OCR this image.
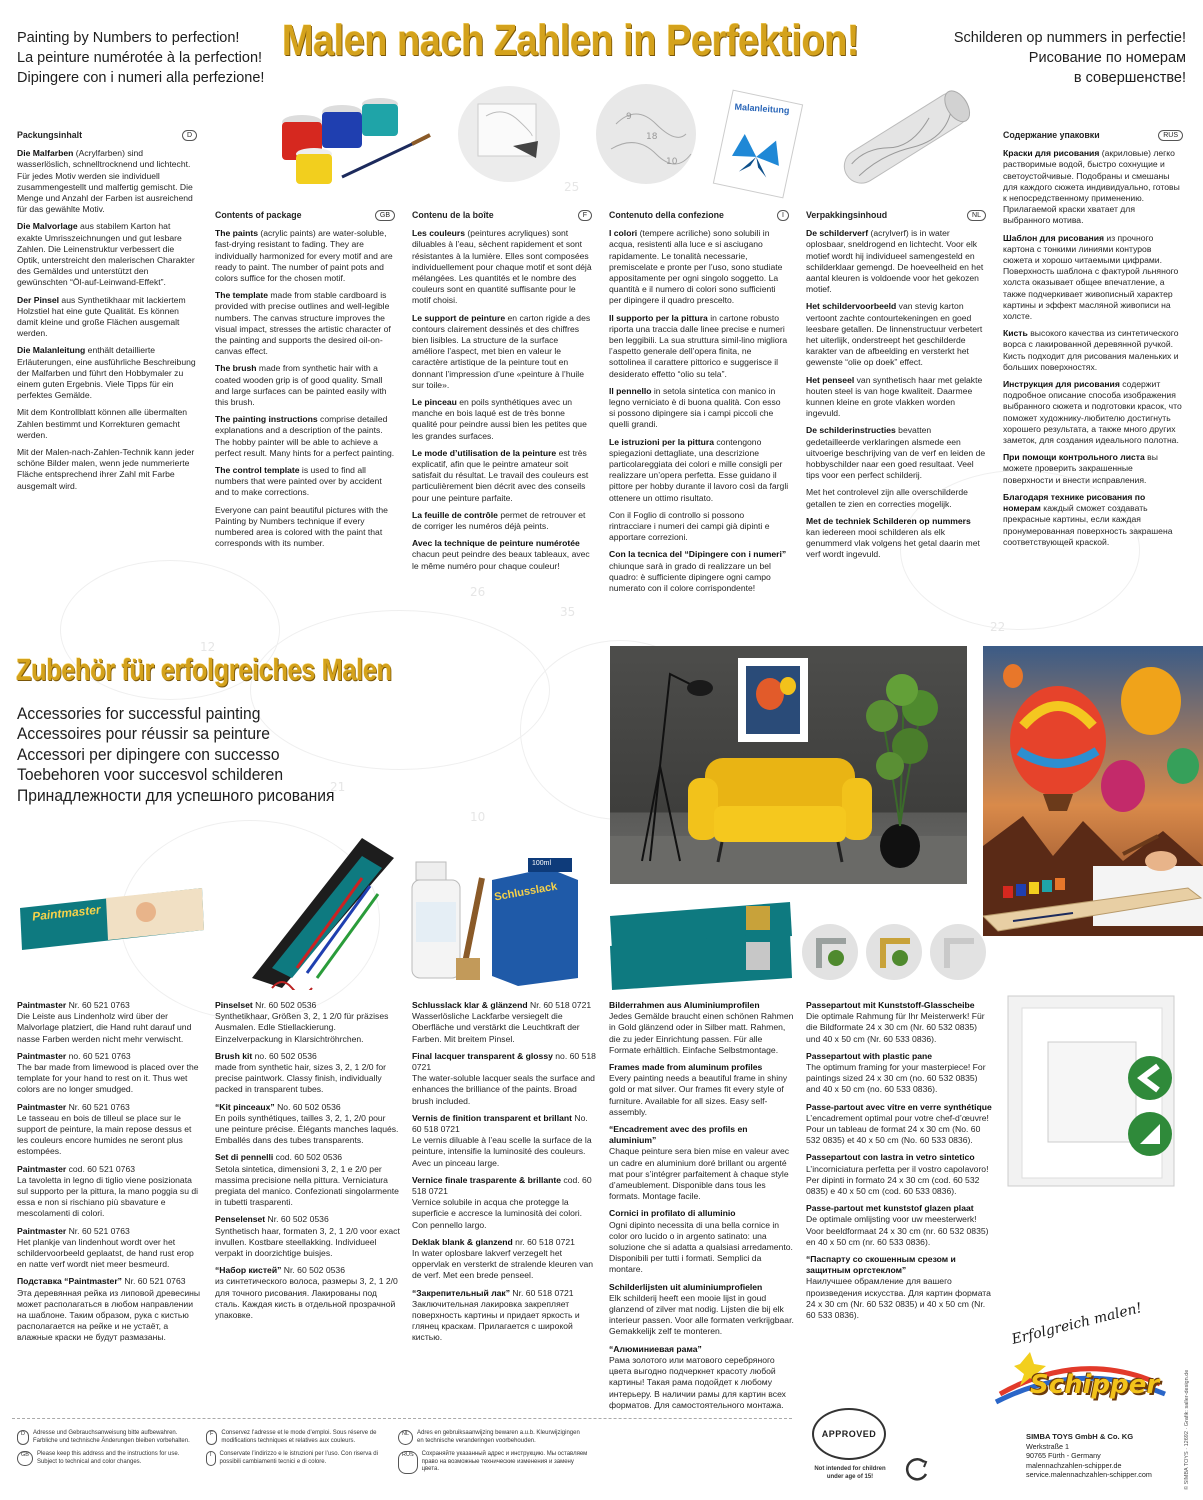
25
35
26
12
21
10
22
Painting by Numbers to perfection!
La peinture numérotée à la perfection!
Dipingere con i numeri alla perfezione!
Malen nach Zahlen in Perfektion!	Schilderen op nummers in perfectie!
Рисование по номерам
в совершенстве!
9
18
10
Malanleitung
Packungsinhalt	D

Die Malfarben (Acrylfarben) sind wasserlöslich, schnelltrocknend und lichtecht. Für jedes Motiv werden sie individuell zusammengestellt und malfertig gemischt. Die Menge und Anzahl der Farben ist ausreichend für das gewählte Motiv.

Die Malvorlage aus stabilem Karton hat exakte Umrisszeichnungen und gut lesbare Zahlen. Die Leinenstruktur verbessert die Optik, unterstreicht den malerischen Charakter des Gemäldes und unterstützt den gewünschten “Öl-auf-Leinwand-Effekt”.

Der Pinsel aus Synthetikhaar mit lackiertem Holzstiel hat eine gute Qualität. Es können damit kleine und große Flächen ausgemalt werden.

Die Malanleitung enthält detaillierte Erläuterungen, eine ausführliche Beschreibung der Malfarben und führt den Hobbymaler zu einem guten Ergebnis. Viele Tipps für ein perfektes Gemälde.

Mit dem Kontrollblatt können alle übermalten Zahlen bestimmt und Korrekturen gemacht werden.

Mit der Malen-nach-Zahlen-Technik kann jeder schöne Bilder malen, wenn jede nummerierte Fläche entsprechend ihrer Zahl mit Farbe ausgemalt wird.

Contents of package	GB

The paints (acrylic paints) are water-soluble, fast-drying resistant to fading. They are individually harmonized for every motif and are ready to paint. The number of paint pots and colors suffice for the chosen motif.

The template made from stable cardboard is provided with precise outlines and well-legible numbers. The canvas structure improves the visual impact, stresses the artistic character of the painting and supports the desired oil-on-canvas effect.

The brush made from synthetic hair with a coated wooden grip is of good quality. Small and large surfaces can be painted easily with this brush.

The painting instructions comprise detailed explanations and a description of the paints. The hobby painter will be able to achieve a perfect result. Many hints for a perfect painting.

The control template is used to find all numbers that were painted over by accident and to make corrections.

Everyone can paint beautiful pictures with the Painting by Numbers technique if every numbered area is colored with the paint that corresponds with its number.

Contenu de la boîte	F

Les couleurs (peintures acryliques) sont diluables à l’eau, sèchent rapidement et sont résistantes à la lumière. Elles sont composées individuellement pour chaque motif et sont déjà mélangées. Les quantités et le nombre des couleurs sont en quantité suffisante pour le motif choisi.

Le support de peinture en carton rigide a des contours clairement dessinés et des chiffres bien lisibles. La structure de la surface améliore l’aspect, met bien en valeur le caractère artistique de la peinture tout en donnant l’impression d’une «peinture à l’huile sur toile».

Le pinceau en poils synthétiques avec un manche en bois laqué est de très bonne qualité pour peindre aussi bien les petites que les grandes surfaces.

Le mode d’utilisation de la peinture est très explicatif, afin que le peintre amateur soit satisfait du résultat. Le travail des couleurs est particulièrement bien décrit avec des conseils pour une peinture parfaite.

La feuille de contrôle permet de retrouver et de corriger les numéros déjà peints.

Avec la technique de peinture numérotée chacun peut peindre des beaux tableaux, avec le même numéro pour chaque couleur!

Contenuto della confezione	I

I colori (tempere acriliche) sono solubili in acqua, resistenti alla luce e si asciugano rapidamente. Le tonalità necessarie, premiscelate e pronte per l’uso, sono studiate appositamente per ogni singolo soggetto. La quantità e il numero di colori sono sufficienti per dipingere il quadro prescelto.

Il supporto per la pittura in cartone robusto riporta una traccia dalle linee precise e numeri ben leggibili. La sua struttura simil-lino migliora l’aspetto generale dell’opera finita, ne sottolinea il carattere pittorico e suggerisce il desiderato effetto “olio su tela”.

Il pennello in setola sintetica con manico in legno verniciato è di buona qualità. Con esso si possono dipingere sia i campi piccoli che quelli grandi.

Le istruzioni per la pittura contengono spiegazioni dettagliate, una descrizione particolareggiata dei colori e mille consigli per realizzare un’opera perfetta. Esse guidano il pittore per hobby durante il lavoro così da fargli ottenere un ottimo risultato.

Con il Foglio di controllo si possono rintracciare i numeri dei campi già dipinti e apportare correzioni.

Con la tecnica del “Dipingere con i numeri” chiunque sarà in grado di realizzare un bel quadro: è sufficiente dipingere ogni campo numerato con il colore corrispondente!

Verpakkingsinhoud	NL

De schilderverf (acrylverf) is in water oplosbaar, sneldrogend en lichtecht. Voor elk motief wordt hij individueel samengesteld en schilderklaar gemengd. De hoeveelheid en het aantal kleuren is voldoende voor het gekozen motief.

Het schildervoorbeeld van stevig karton vertoont zachte contourtekeningen en goed leesbare getallen. De linnenstructuur verbetert het uiterlijk, onderstreept het geschilderde karakter van de afbeelding en versterkt het gewenste “olie op doek” effect.

Het penseel van synthetisch haar met gelakte houten steel is van hoge kwaliteit. Daarmee kunnen kleine en grote vlakken worden ingevuld.

De schilderinstructies bevatten gedetailleerde verklaringen alsmede een uitvoerige beschrijving van de verf en leiden de hobbyschilder naar een goed resultaat. Veel tips voor een perfect schilderij.

Met het controlevel zijn alle overschilderde getallen te zien en correcties mogelijk.

Met de techniek Schilderen op nummers kan iedereen mooi schilderen als elk genummerd vlak volgens het getal daarin met verf wordt ingevuld.

Содержание упаковки	RUS

Краски для рисования (акриловые) легко растворимые водой, быстро сохнущие и светоустойчивые. Подобраны и смешаны для каждого сюжета индивидуально, готовы к непосредственному применению. Прилагаемой краски хватает для выбранного мотива.

Шаблон для рисования из прочного картона с тонкими линиями контуров сюжета и хорошо читаемыми цифрами. Поверхность шаблона с фактурой льняного холста оказывает общее впечатление, а также подчеркивает живописный характер картины и эффект масляной живописи на холсте.

Кисть высокого качества из синтетического ворса с лакированной деревянной ручкой. Кисть подходит для рисования маленьких и больших поверхностях.

Инструкция для рисования содержит подробное описание способа изображения выбранного сюжета и подготовки красок, что поможет художнику-любителю достигнуть хорошего результата, а также много других заметок, для создания идеального полотна.

При помощи контрольного листа вы можете проверить закрашенные поверхности и внести исправления.

Благодаря технике рисования по номерам каждый сможет создавать прекрасные картины, если каждая пронумерованная поверхность закрашена соответствующей краской.

Zubehör für erfolgreiches Malen
Accessories for successful painting
Accessoires pour réussir sa peinture
Accessori per dipingere con successo
Toebehoren voor succesvol schilderen
Принадлежности для успешного рисования
Paintmaster
Schlusslack
100ml

Paintmaster Nr. 60 521 0763
Die Leiste aus Lindenholz wird über der Malvorlage platziert, die Hand ruht darauf und nasse Farben werden nicht mehr verwischt.

Paintmaster no. 60 521 0763
The bar made from limewood is placed over the template for your hand to rest on it. Thus wet colors are no longer smudged.

Paintmaster Nr. 60 521 0763
Le tasseau en bois de tilleul se place sur le support de peinture, la main repose dessus et les couleurs encore humides ne seront plus estompées.

Paintmaster cod. 60 521 0763
La tavoletta in legno di tiglio viene posizionata sul supporto per la pittura, la mano poggia su di essa e non si rischiano più sbavature e mescolamenti di colori.

Paintmaster Nr. 60 521 0763
Het plankje van lindenhout wordt over het schildervoorbeeld geplaatst, de hand rust erop en natte verf wordt niet meer besmeurd.

Подставка “Paintmaster” Nr. 60 521 0763
Эта деревянная рейка из липовой древесины может располагаться в любом направлении на шаблоне. Таким образом, рука с кистью располагается на рейке и не устаёт, а влажные краски не будут размазаны.

Pinselset Nr. 60 502 0536
Synthetikhaar, Größen 3, 2, 1 2/0 für präzises Ausmalen. Edle Stiellackierung. Einzelverpackung in Klarsichtröhrchen.

Brush kit no. 60 502 0536
made from synthetic hair, sizes 3, 2, 1 2/0 for precise paintwork. Classy finish, individually packed in transparent tubes.

“Kit pinceaux” No. 60 502 0536
En poils synthétiques, tailles 3, 2, 1, 2/0 pour une peinture précise. Élégants manches laqués. Emballés dans des tubes transparents.

Set di pennelli cod. 60 502 0536
Setola sintetica, dimensioni 3, 2, 1 e 2/0 per massima precisione nella pittura. Verniciatura pregiata del manico. Confezionati singolarmente in tubetti trasparenti.

Penselenset Nr. 60 502 0536
Synthetisch haar, formaten 3, 2, 1 2/0 voor exact invullen. Kostbare steellakking. Individueel verpakt in doorzichtige buisjes.

“Набор кистей” Nr. 60 502 0536
из синтетического волоса, размеры 3, 2, 1 2/0 для точного рисования. Лакированы под сталь. Каждая кисть в отдельной прозрачной упаковке.

Schlusslack klar & glänzend Nr. 60 518 0721
Wasserlösliche Lackfarbe versiegelt die Oberfläche und verstärkt die Leuchtkraft der Farben. Mit breitem Pinsel.

Final lacquer transparent & glossy no. 60 518 0721
The water-soluble lacquer seals the surface and enhances the brilliance of the paints. Broad brush included.

Vernis de finition transparent et brillant No. 60 518 0721
Le vernis diluable à l’eau scelle la surface de la peinture, intensifie la luminosité des couleurs. Avec un pinceau large.

Vernice finale trasparente & brillante cod. 60 518 0721
Vernice solubile in acqua che protegge la superficie e accresce la luminosità dei colori. Con pennello largo.

Deklak blank & glanzend nr. 60 518 0721
In water oplosbare lakverf verzegelt het oppervlak en versterkt de stralende kleuren van de verf. Met een brede penseel.

“Закрепительный лак” Nr. 60 518 0721
Заключительная лакировка закрепляет поверхность картины и придает яркость и глянец краскам. Прилагается с широкой кистью.

Bilderrahmen aus Aluminiumprofilen
Jedes Gemälde braucht einen schönen Rahmen in Gold glänzend oder in Silber matt. Rahmen, die zu jeder Einrichtung passen. Für alle Formate erhältlich. Einfache Selbstmontage.

Frames made from aluminum profiles
Every painting needs a beautiful frame in shiny gold or mat silver. Our frames fit every style of furniture. Available for all sizes. Easy self-assembly.

“Encadrement avec des profils en aluminium”
Chaque peinture sera bien mise en valeur avec un cadre en aluminium doré brillant ou argenté mat pour s’intégrer parfaitement à chaque style d’ameublement. Disponible dans tous les formats. Montage facile.

Cornici in profilato di alluminio
Ogni dipinto necessita di una bella cornice in color oro lucido o in argento satinato: una soluzione che si adatta a qualsiasi arredamento. Disponibili per tutti i formati. Semplici da montare.

Schilderlijsten uit aluminiumprofielen
Elk schilderij heeft een mooie lijst in goud glanzend of zilver mat nodig. Lijsten die bij elk interieur passen. Voor alle formaten verkrijgbaar. Gemakkelijk zelf te monteren.

“Алюминиевая рама”
Рама золотого или матового серебряного цвета выгодно подчеркнет красоту любой картины! Такая рама подойдет к любому интерьеру. В наличии рамы для картин всех форматов. Для самостоятельного монтажа.

Passepartout mit Kunststoff-Glasscheibe
Die optimale Rahmung für Ihr Meisterwerk! Für die Bildformate 24 x 30 cm (Nr. 60 532 0835) und 40 x 50 cm (Nr. 60 533 0836).

Passepartout with plastic pane
The optimum framing for your masterpiece! For paintings sized 24 x 30 cm (no. 60 532 0835) and 40 x 50 cm (no. 60 533 0836).

Passe-partout avec vitre en verre synthétique
L’encadrement optimal pour votre chef-d’œuvre! Pour un tableau de format 24 x 30 cm (No. 60 532 0835) et 40 x 50 cm (No. 60 533 0836).

Passepartout con lastra in vetro sintetico
L’incorniciatura perfetta per il vostro capolavoro! Per dipinti in formato 24 x 30 cm (cod. 60 532 0835) e 40 x 50 cm (cod. 60 533 0836).

Passe-partout met kunststof glazen plaat
De optimale omlijsting voor uw meesterwerk! Voor beeldformaat 24 x 30 cm (nr. 60 532 0835) en 40 x 50 cm (nr. 60 533 0836).

“Паспарту со скошенным срезом и защитным оргстеклом”
Наилучшее обрамление для вашего произведения искусства. Для картин формата 24 x 30 cm (Nr. 60 532 0835) и 40 x 50 cm (Nr. 60 533 0836).

D	Adresse und Gebrauchsanweisung bitte aufbewahren. Farbliche und technische Änderungen bleiben vorbehalten.
GB	Please keep this address and the instructions for use. Subject to technical and color changes.
F	Conservez l’adresse et le mode d’emploi. Sous réserve de modifications techniques et relatives aux couleurs.
I	Conservate l’indirizzo e le istruzioni per l’uso. Con riserva di possibili cambiamenti tecnici e di colore.
NL	Adres en gebruiksaanwijzing bewaren a.u.b. Kleurwijzigingen en technische veranderingen voorbehouden.
RUS	Сохраняйте указанный адрес и инструкцию. Мы оставляем право на возможные технические изменения и замену цвета.
APPROVED
Not intended for children under age of 15!
Erfolgreich malen!
Schipper
SIMBA TOYS GmbH & Co. KG
Werkstraße 1
90765 Fürth - Germany
malennachzahlen-schipper.de
service.malennachzahlen-schipper.com	© SIMBA TOYS · 12692 · Grafik: saller-design.de
